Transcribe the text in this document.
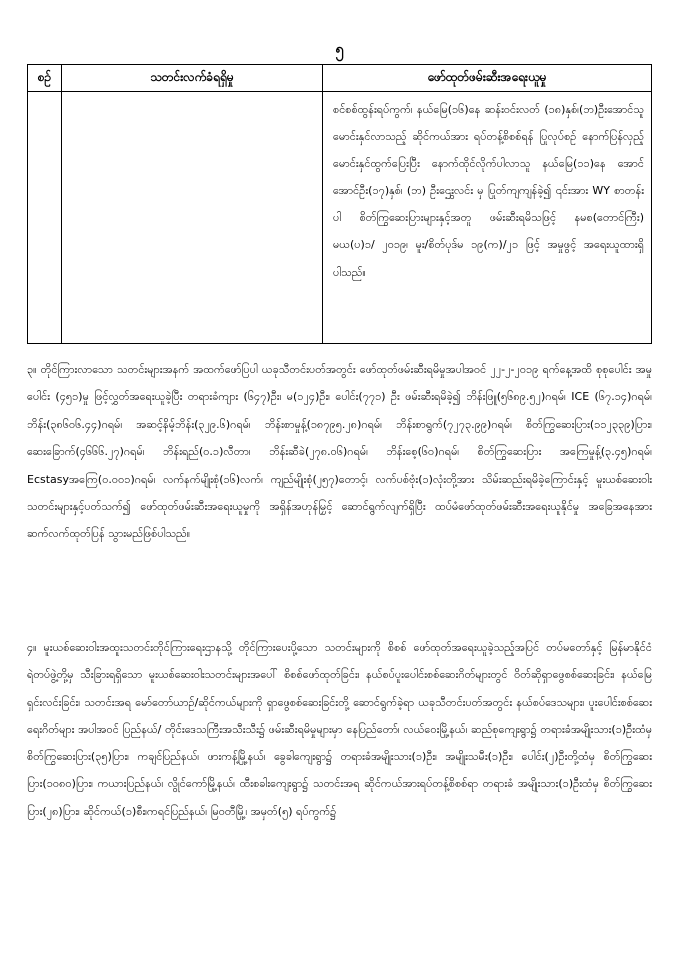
၅
စဉ်	သတင်းလက်ခံရရှိမှု	ဖော်ထုတ်ဖမ်းဆီးအရေးယူမှု

		စင်စစ်ထွန်းရပ်ကွက်၊ နယ်မြေ(၁၆)နေ ဆန်းဝင်းလတ် (၁၈)နှစ်၊(ဘ)ဦးအောင်သူ မောင်းနှင်လာသည့် ဆိုင်ကယ်အား ရပ်တန့်စိစစ်ရန် ပြုလုပ်စဉ် နောက်ပြန်လှည့် မောင်းနှင်ထွက်ပြေးပြီး နောက်ထိုင်လိုက်ပါလာသူ နယ်မြေ(၁၁)နေ အောင်အောင်ဦး(၁၇)နှစ်၊ (ဘ) ဦးဌွေးလင်း မှ ပြုတ်ကျကျန်ခဲ့၍ ၎င်းအား WY စာတန်းပါ စိတ်ကြွဆေးပြားများနှင့်အတူ ဖမ်းဆီးရမိသဖြင့် နမစ(တောင်ကြီး) မယ(ပ)၁/ ၂၀၁၉၊ မူး/စိတ်ပုဒ်မ ၁၉(က)/၂၁ ဖြင့် အမှုဖွင့် အရေးယူထားရှိပါသည်။
၃။ တိုင်ကြားလာသော သတင်းများအနက် အထက်ဖော်ပြပါ ယခုသီတင်းပတ်အတွင်း ဖော်ထုတ်ဖမ်းဆီးရမိမှုအပါအဝင် ၂၂-၂-၂၀၁၉ ရက်နေ့အထိ စုစုပေါင်း အမှုပေါင်း (၄၅၁)မှု ဖြင့်လွှတ်အရေးယူခဲ့ပြီး တရားခံကျား (၆၄၇)ဦး၊ မ(၁၂၄)ဦး၊ ပေါင်း(၇၇၁) ဦး ဖမ်းဆီးရမိခဲ့၍ ဘိန်းဖြူ(၅၆၈၉.၅၂)ဂရမ်၊ ICE (၆၇.၁၄)ဂရမ်၊ ဘိန်း(၃၈၆၀၆.၄၄)ဂရမ်၊ အဆင့်နိမ့်ဘိန်း(၃၂၉.၆)ဂရမ်၊ ဘိန်းစာမှုန့်(၁၈၇၉၅.၂၈)ဂရမ်၊ ဘိန်းစာရွက်(၇၂၇၃.၉၉)ဂရမ်၊ စိတ်ကြွဆေးပြား(၁၁၂၃၃၉)ပြား၊ ဆေးခြောက်(၄၆၆၆.၂၇)ဂရမ်၊ ဘိန်းရည်(၀.၁)လီတာ၊ ဘိန်းဆီခဲ(၂၇၈.၀၆)ဂရမ်၊ ဘိန်းစေ့(၆၀)ဂရမ်၊ စိတ်ကြွဆေးပြား အကြေမှုန့်(၃.၄၅)ဂရမ်၊ Ecstasyအကြေ(၀.၀၀၁)ဂရမ်၊ လက်နက်မျိုးစုံ(၁၆)လက်၊ ကျည်မျိုးစုံ(၂၅၇)တောင့်၊ လက်ပစ်ဗုံး(၁)လုံးတို့အား သိမ်းဆည်းရမိခဲ့ကြောင်းနှင့် မူးယစ်ဆေးဝါးသတင်းများနှင့်ပတ်သက်၍ ဖော်ထုတ်ဖမ်းဆီးအရေးယူမှုကို အရှိန်အဟုန်မြှင့် ဆောင်ရွက်လျက်ရှိပြီး ထပ်မံဖော်ထုတ်ဖမ်းဆီးအရေးယူနိုင်မှု အခြေအနေအား ဆက်လက်ထုတ်ပြန် သွားမည်ဖြစ်ပါသည်။
၄။ မူးယစ်ဆေးဝါးအထူးသတင်းတိုင်ကြားရေးဌာနသို့ တိုင်ကြားပေးပို့သော သတင်းများကို စိစစ် ဖော်ထုတ်အရေးယူခဲ့သည့်အပြင် တပ်မတော်နှင့် မြန်မာနိုင်ငံရဲတပ်ဖွဲ့တို့မှ သီးခြားရရှိသော မူးယစ်ဆေးဝါးသတင်းများအပေါ် စိစစ်ဖော်ထုတ်ခြင်း၊ နယ်စပ်ပူးပေါင်းစစ်ဆေးဂိတ်များတွင် ဝိတ်ဆိုရှာဖွေစစ်ဆေးခြင်း၊ နယ်မြေရှင်းလင်းခြင်း၊ သတင်းအရ မော်တော်ယာဉ်/ဆိုင်ကယ်များကို ရှာဖွေစစ်ဆေးခြင်းတို့ ဆောင်ရွက်ခဲ့ရာ ယခုသီတင်းပတ်အတွင်း နယ်စပ်ဒေသများ၊ ပူးပေါင်းစစ်ဆေးရေးဂိတ်များ အပါအဝင် ပြည်နယ်/ တိုင်းဒေသကြီးအသီးသီး၌ ဖမ်းဆီးရမိမှုများမှာ နေပြည်တော်၊ လယ်ဝေးမြို့နယ်၊ ဆည်စုကျေးရွာ၌ တရားခံအမျိုးသား(၁)ဦးထံမှ စိတ်ကြွဆေးပြား(၃၅)ပြား၊ ကချင်ပြည်နယ်၊ ဖားကန့်မြို့နယ်၊ ခွေခါကျေးရွာ၌ တရားခံအမျိုးသား(၁)ဦး၊ အမျိုးသမီး(၁)ဦး၊ ပေါင်း(၂)ဦးတို့ထံမှ စိတ်ကြွဆေးပြား(၁၀၈၀)ပြား၊ ကယားပြည်နယ်၊ လွိုင်ကော်မြို့နယ်၊ ထီးစခါးကျေးရွာ၌ သတင်းအရ ဆိုင်ကယ်အားရပ်တန့်စိစစ်ရာ တရားခံ အမျိုးသား(၁)ဦးထံမှ စိတ်ကြွဆေးပြား(၂၈)ပြား၊ ဆိုင်ကယ်(၁)စီး၊ကရင်ပြည်နယ်၊ မြဝတီမြို့၊ အမှတ်(၅) ရပ်ကွက်၌
